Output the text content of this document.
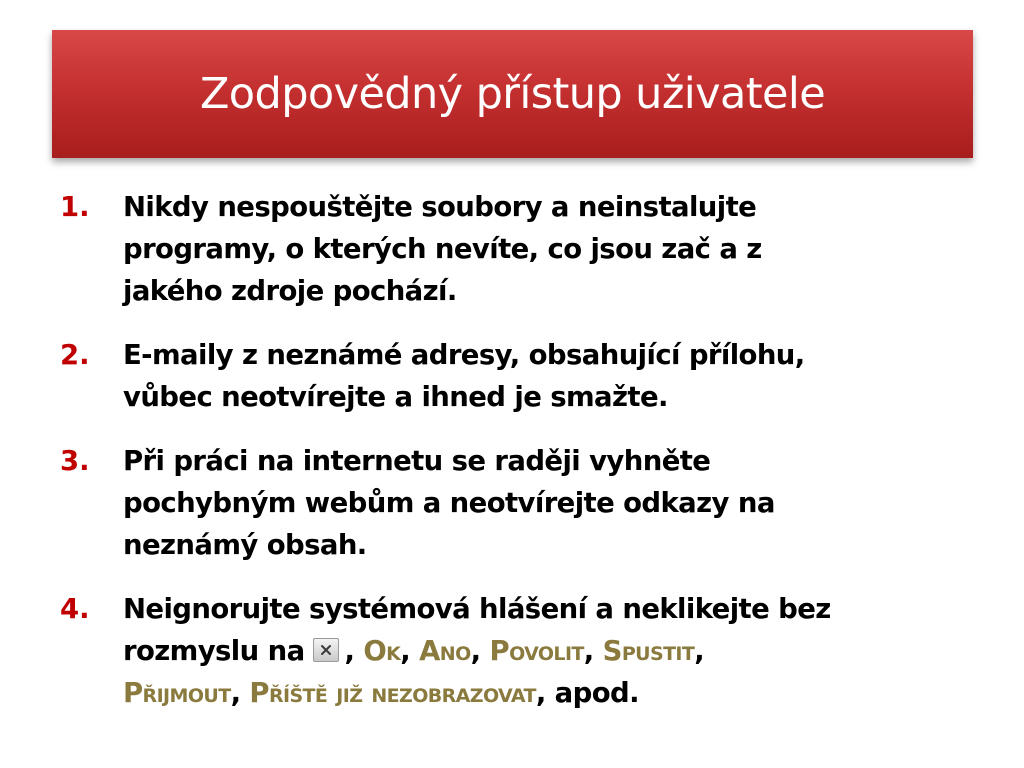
Zodpovědný přístup uživatele
1. Nikdy nespouštějte soubory a neinstalujte
programy, o kterých nevíte, co jsou zač a z
jakého zdroje pochází.
2. E-maily z neznámé adresy, obsahující přílohu,
vůbec neotvírejte a ihned je smažte.
3. Při práci na internetu se raději vyhněte
pochybným webům a neotvírejte odkazy na
neznámý obsah.
4. Neignorujte systémová hlášení a neklikejte bez
rozmyslu na , Ok, Ano, Povolit, Spustit,
Přijmout, Příště již nezobrazovat, apod.
